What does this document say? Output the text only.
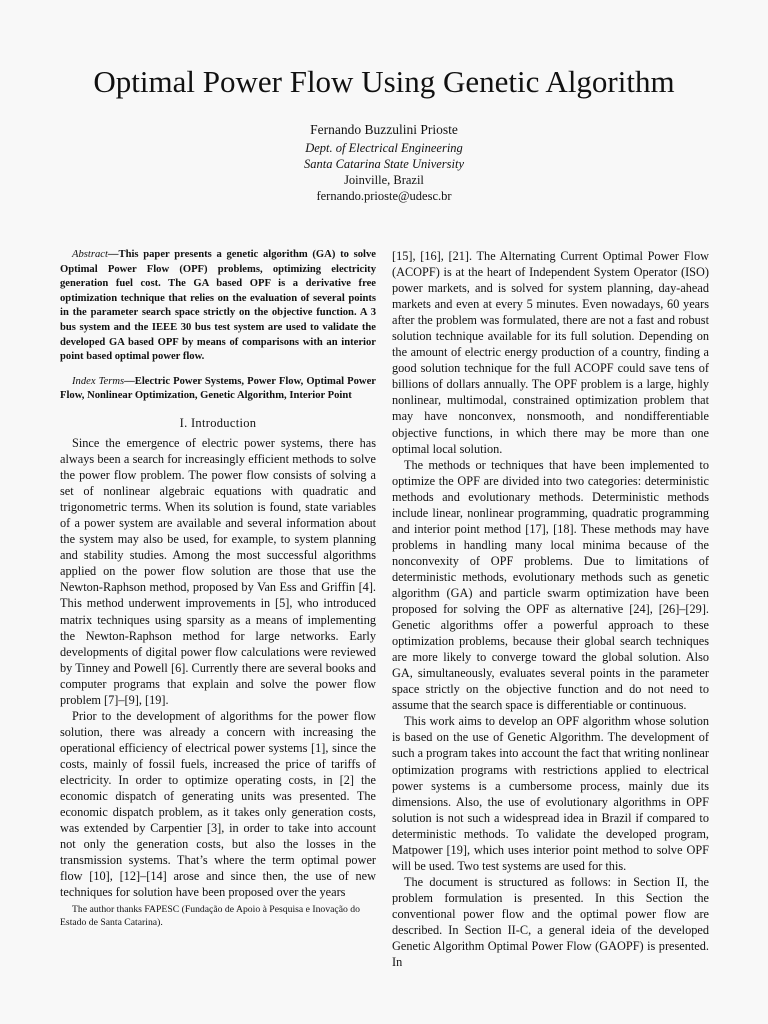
Optimal Power Flow Using Genetic Algorithm
Fernando Buzzulini Prioste
Dept. of Electrical Engineering
Santa Catarina State University
Joinville, Brazil
fernando.prioste@udesc.br

Abstract—This paper presents a genetic algorithm (GA) to solve Optimal Power Flow (OPF) problems, optimizing electricity generation fuel cost. The GA based OPF is a derivative free optimization technique that relies on the evaluation of several points in the parameter search space strictly on the objective function. A 3 bus system and the IEEE 30 bus test system are used to validate the developed GA based OPF by means of comparisons with an interior point based optimal power flow.

Index Terms—Electric Power Systems, Power Flow, Optimal Power Flow, Nonlinear Optimization, Genetic Algorithm, Interior Point

I. Introduction

Since the emergence of electric power systems, there has always been a search for increasingly efficient methods to solve the power flow problem. The power flow consists of solving a set of nonlinear algebraic equations with quadratic and trigonometric terms. When its solution is found, state variables of a power system are available and several information about the system may also be used, for example, to system planning and stability studies. Among the most successful algorithms applied on the power flow solution are those that use the Newton-Raphson method, proposed by Van Ess and Griffin [4]. This method underwent improvements in [5], who introduced matrix techniques using sparsity as a means of implementing the Newton-Raphson method for large networks. Early developments of digital power flow calculations were reviewed by Tinney and Powell [6]. Currently there are several books and computer programs that explain and solve the power flow problem [7]–[9], [19].

Prior to the development of algorithms for the power flow solution, there was already a concern with increasing the operational efficiency of electrical power systems [1], since the costs, mainly of fossil fuels, increased the price of tariffs of electricity. In order to optimize operating costs, in [2] the economic dispatch of generating units was presented. The economic dispatch problem, as it takes only generation costs, was extended by Carpentier [3], in order to take into account not only the generation costs, but also the losses in the transmission systems. That’s where the term optimal power flow [10], [12]–[14] arose and since then, the use of new techniques for solution have been proposed over the years

The author thanks FAPESC (Fundação de Apoio à Pesquisa e Inovação do Estado de Santa Catarina).

[15], [16], [21]. The Alternating Current Optimal Power Flow (ACOPF) is at the heart of Independent System Operator (ISO) power markets, and is solved for system planning, day-ahead markets and even at every 5 minutes. Even nowadays, 60 years after the problem was formulated, there are not a fast and robust solution technique available for its full solution. Depending on the amount of electric energy production of a country, finding a good solution technique for the full ACOPF could save tens of billions of dollars annually. The OPF problem is a large, highly nonlinear, multimodal, constrained optimization problem that may have nonconvex, nonsmooth, and nondifferentiable objective functions, in which there may be more than one optimal local solution.

The methods or techniques that have been implemented to optimize the OPF are divided into two categories: deterministic methods and evolutionary methods. Deterministic methods include linear, nonlinear programming, quadratic programming and interior point method [17], [18]. These methods may have problems in handling many local minima because of the nonconvexity of OPF problems. Due to limitations of deterministic methods, evolutionary methods such as genetic algorithm (GA) and particle swarm optimization have been proposed for solving the OPF as alternative [24], [26]–[29]. Genetic algorithms offer a powerful approach to these optimization problems, because their global search techniques are more likely to converge toward the global solution. Also GA, simultaneously, evaluates several points in the parameter space strictly on the objective function and do not need to assume that the search space is differentiable or continuous.

This work aims to develop an OPF algorithm whose solution is based on the use of Genetic Algorithm. The development of such a program takes into account the fact that writing nonlinear optimization programs with restrictions applied to electrical power systems is a cumbersome process, mainly due its dimensions. Also, the use of evolutionary algorithms in OPF solution is not such a widespread idea in Brazil if compared to deterministic methods. To validate the developed program, Matpower [19], which uses interior point method to solve OPF will be used. Two test systems are used for this.

The document is structured as follows: in Section II, the problem formulation is presented. In this Section the conventional power flow and the optimal power flow are described. In Section II-C, a general ideia of the developed Genetic Algorithm Optimal Power Flow (GAOPF) is presented. In
